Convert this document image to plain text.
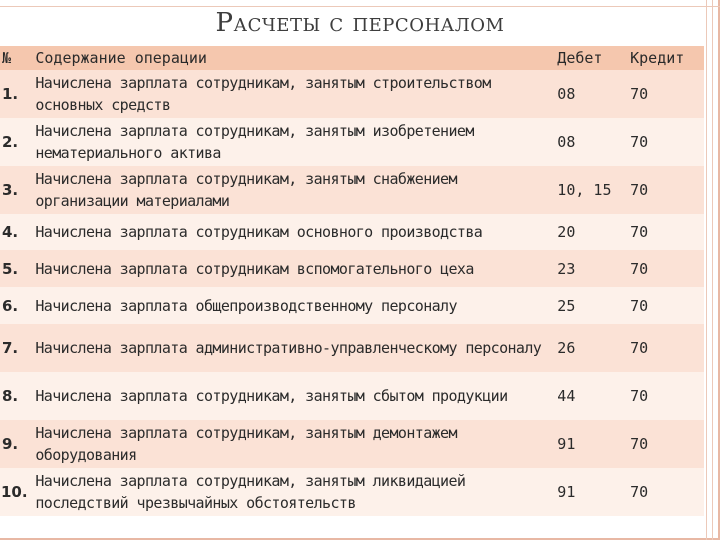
Расчеты с персоналом
№	Содержание операции	Дебет	Кредит
1.	Начислена зарплата сотрудникам, занятым строительством основных средств	08	70
2.	Начислена зарплата сотрудникам, занятым изобретением нематериального актива	08	70
3.	Начислена зарплата сотрудникам, занятым снабжением организации материалами	10, 15	70
4.	Начислена зарплата сотрудникам основного производства	20	70
5.	Начислена зарплата сотрудникам вспомогательного цеха	23	70
6.	Начислена зарплата общепроизводственному персоналу	25	70
7.	Начислена зарплата административно-управленческому персоналу	26	70
8.	Начислена зарплата сотрудникам, занятым сбытом продукции	44	70
9.	Начислена зарплата сотрудникам, занятым демонтажем оборудования	91	70
10.	Начислена зарплата сотрудникам, занятым ликвидацией последствий чрезвычайных обстоятельств	91	70
